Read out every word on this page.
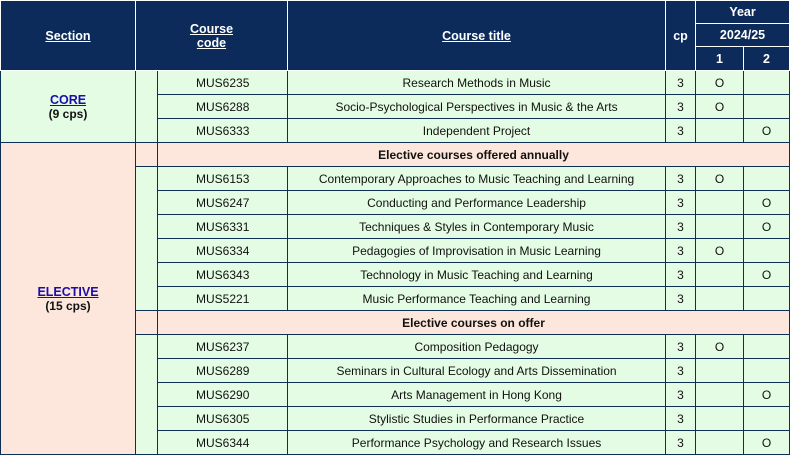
Section	Course
code		Course title	cp	Year	
					2024/25	
					1	2

CORE
(9 cps)		MUS6235	Research Methods in Music	3	O	
		MUS6288	Socio-Psychological Perspectives in Music & the Arts	3	O	
		MUS6333	Independent Project	3		O

ELECTIVE
(15 cps)		Elective courses offered annually				
		MUS6153	Contemporary Approaches to Music Teaching and Learning	3	O	
		MUS6247	Conducting and Performance Leadership	3		O
		MUS6331	Techniques & Styles in Contemporary Music	3		O
		MUS6334	Pedagogies of Improvisation in Music Learning	3	O	
		MUS6343	Technology in Music Teaching and Learning	3		O
		MUS5221	Music Performance Teaching and Learning	3		
		Elective courses on offer				
		MUS6237	Composition Pedagogy	3	O	
		MUS6289	Seminars in Cultural Ecology and Arts Dissemination	3		
		MUS6290	Arts Management in Hong Kong	3		O
		MUS6305	Stylistic Studies in Performance Practice	3		
		MUS6344	Performance Psychology and Research Issues	3		O
